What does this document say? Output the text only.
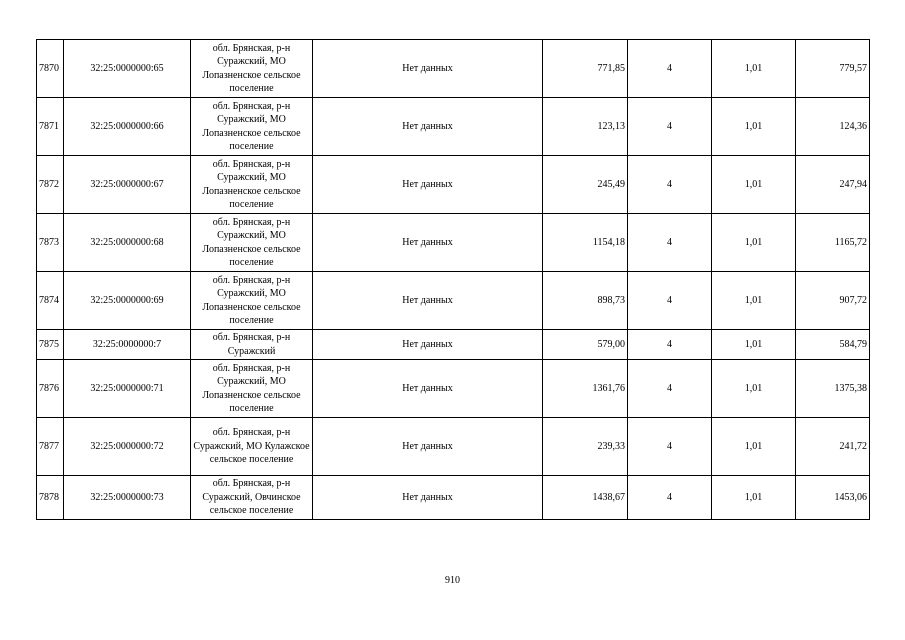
7870	32:25:0000000:65	обл. Брянская, р-н Суражский, МО Лопазненское сельское поселение	Нет данных	771,85	4	1,01	779,57
7871	32:25:0000000:66	обл. Брянская, р-н Суражский, МО Лопазненское сельское поселение	Нет данных	123,13	4	1,01	124,36
7872	32:25:0000000:67	обл. Брянская, р-н Суражский, МО Лопазненское сельское поселение	Нет данных	245,49	4	1,01	247,94
7873	32:25:0000000:68	обл. Брянская, р-н Суражский, МО Лопазненское сельское поселение	Нет данных	1154,18	4	1,01	1165,72
7874	32:25:0000000:69	обл. Брянская, р-н Суражский, МО Лопазненское сельское поселение	Нет данных	898,73	4	1,01	907,72
7875	32:25:0000000:7	обл. Брянская, р-н Суражский	Нет данных	579,00	4	1,01	584,79
7876	32:25:0000000:71	обл. Брянская, р-н Суражский, МО Лопазненское сельское поселение	Нет данных	1361,76	4	1,01	1375,38
7877	32:25:0000000:72	обл. Брянская, р-н Суражский, МО Кулажское сельское поселение	Нет данных	239,33	4	1,01	241,72
7878	32:25:0000000:73	обл. Брянская, р-н Суражский, Овчинское сельское поселение	Нет данных	1438,67	4	1,01	1453,06
910
